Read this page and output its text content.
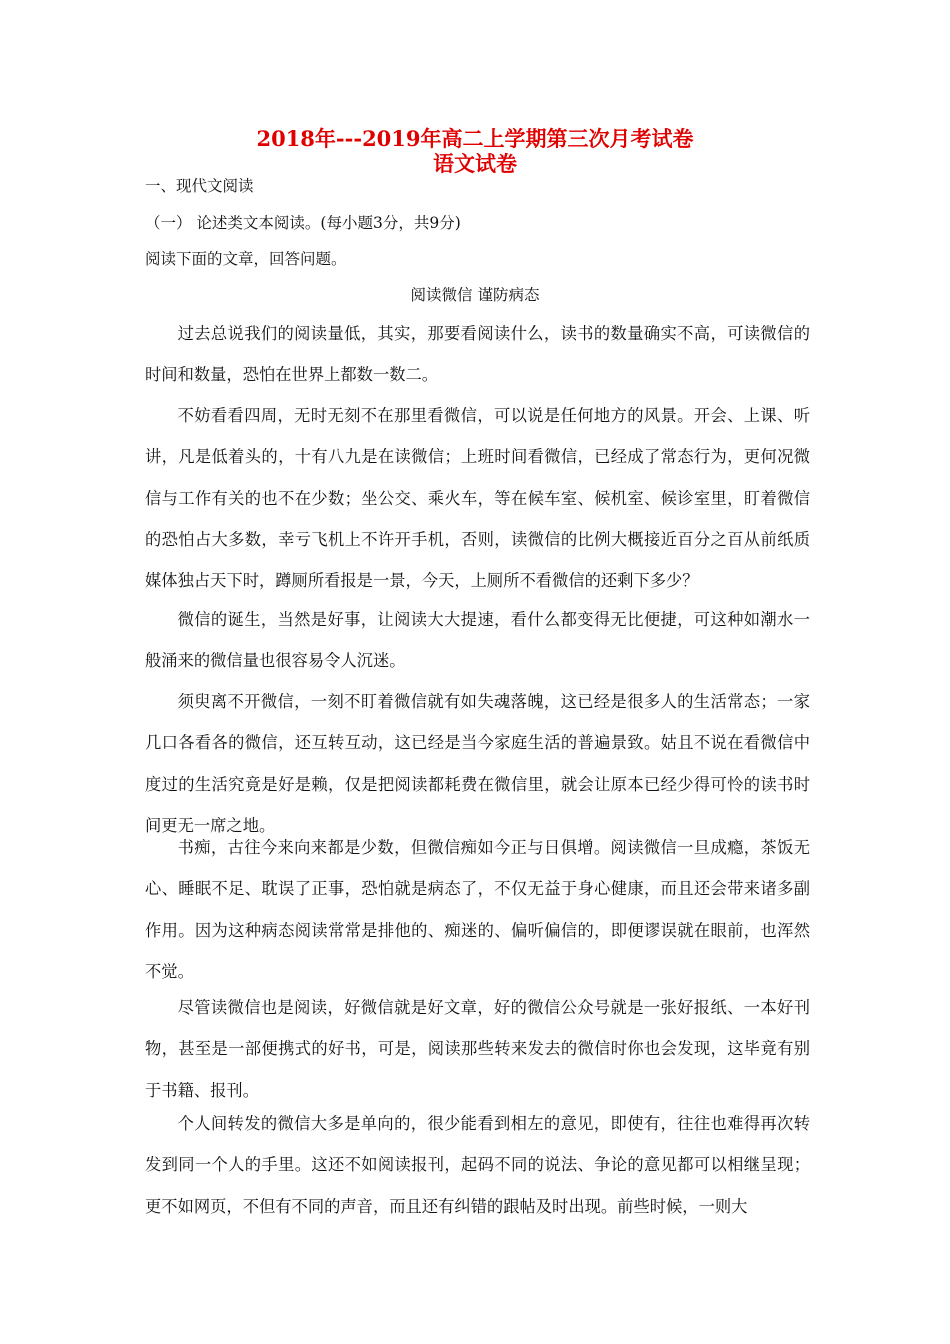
2018年---2019年高二上学期第三次月考试卷
语文试卷
一、现代文阅读
（一） 论述类文本阅读。(每小题3分，共9分)
阅读下面的文章，回答问题。
阅读微信 谨防病态

过去总说我们的阅读量低，其实，那要看阅读什么，读书的数量确实不高，可读微信的时间和数量，恐怕在世界上都数一数二。

不妨看看四周，无时无刻不在那里看微信，可以说是任何地方的风景。开会、上课、听讲，凡是低着头的，十有八九是在读微信；上班时间看微信，已经成了常态行为，更何况微信与工作有关的也不在少数；坐公交、乘火车，等在候车室、候机室、候诊室里，盯着微信的恐怕占大多数，幸亏飞机上不许开手机，否则，读微信的比例大概接近百分之百从前纸质媒体独占天下时，蹲厕所看报是一景，今天，上厕所不看微信的还剩下多少？

微信的诞生，当然是好事，让阅读大大提速，看什么都变得无比便捷，可这种如潮水一般涌来的微信量也很容易令人沉迷。

须臾离不开微信，一刻不盯着微信就有如失魂落魄，这已经是很多人的生活常态；一家几口各看各的微信，还互转互动，这已经是当今家庭生活的普遍景致。姑且不说在看微信中度过的生活究竟是好是赖，仅是把阅读都耗费在微信里，就会让原本已经少得可怜的读书时间更无一席之地。

书痴，古往今来向来都是少数，但微信痴如今正与日俱增。阅读微信一旦成瘾，茶饭无心、睡眠不足、耽误了正事，恐怕就是病态了，不仅无益于身心健康，而且还会带来诸多副作用。因为这种病态阅读常常是排他的、痴迷的、偏听偏信的，即便谬误就在眼前，也浑然不觉。

尽管读微信也是阅读，好微信就是好文章，好的微信公众号就是一张好报纸、一本好刊物，甚至是一部便携式的好书，可是，阅读那些转来发去的微信时你也会发现，这毕竟有别于书籍、报刊。

个人间转发的微信大多是单向的，很少能看到相左的意见，即使有，往往也难得再次转发到同一个人的手里。这还不如阅读报刊，起码不同的说法、争论的意见都可以相继呈现；更不如网页，不但有不同的声音，而且还有纠错的跟帖及时出现。前些时候，一则大
